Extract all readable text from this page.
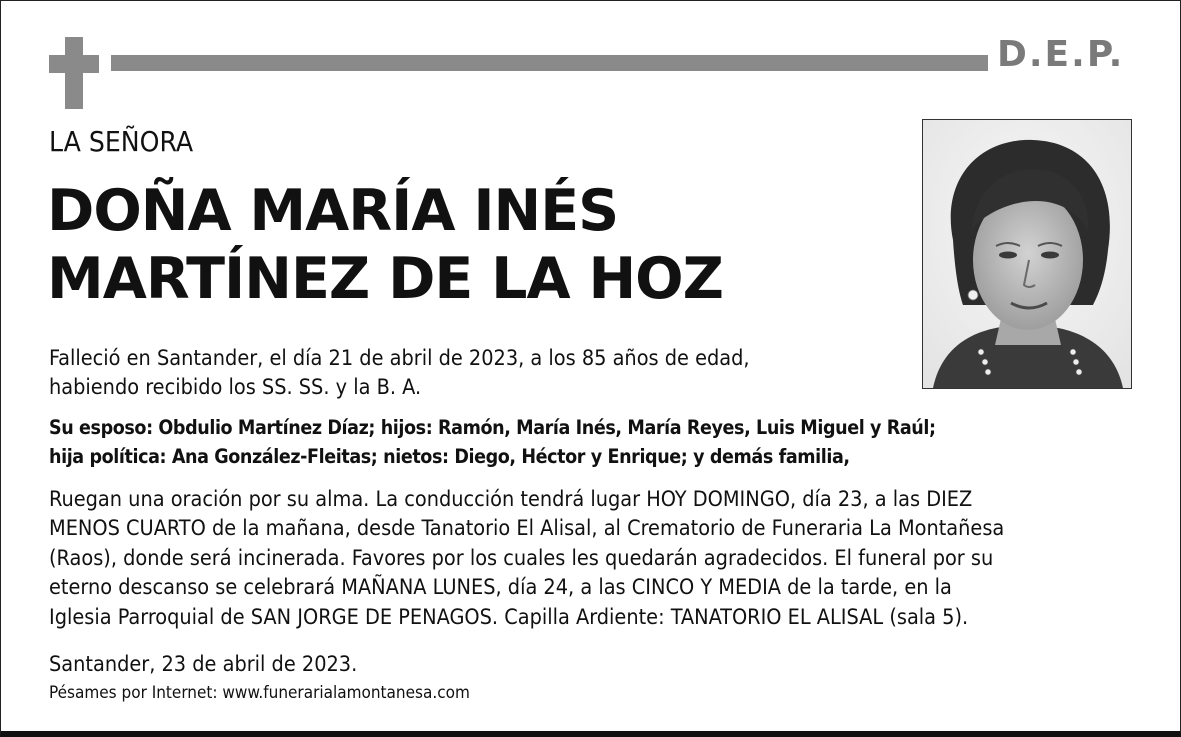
D.E.P.
LA SEÑORA
DOÑA MARÍA INÉS
MARTÍNEZ DE LA HOZ
Falleció en Santander, el día 21 de abril de 2023, a los 85 años de edad,
habiendo recibido los SS. SS. y la B. A.
Su esposo: Obdulio Martínez Díaz; hijos: Ramón, María Inés, María Reyes, Luis Miguel y Raúl;
hija política: Ana González-Fleitas; nietos: Diego, Héctor y Enrique; y demás familia,
Ruegan una oración por su alma. La conducción tendrá lugar HOY DOMINGO, día 23, a las DIEZ
MENOS CUARTO de la mañana, desde Tanatorio El Alisal, al Crematorio de Funeraria La Montañesa
(Raos), donde será incinerada. Favores por los cuales les quedarán agradecidos. El funeral por su
eterno descanso se celebrará MAÑANA LUNES, día 24, a las CINCO Y MEDIA de la tarde, en la
Iglesia Parroquial de SAN JORGE DE PENAGOS. Capilla Ardiente: TANATORIO EL ALISAL (sala 5).
Santander, 23 de abril de 2023.
Pésames por Internet: www.funerarialamontanesa.com
